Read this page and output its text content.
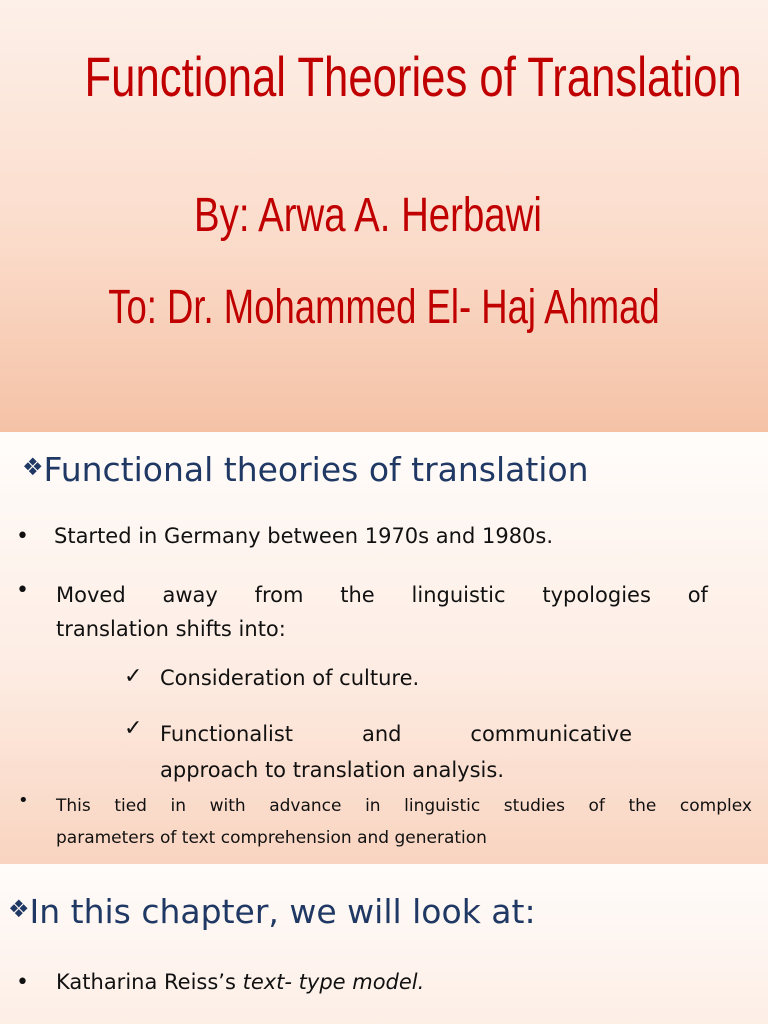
Functional Theories of Translation
By: Arwa A. Herbawi
To: Dr. Mohammed El- Haj Ahmad
❖Functional theories of translation
• Started in Germany between 1970s and 1980s.
• Moved away from the linguistic typologies of
translation shifts into:
✓ Consideration of culture.
✓ Functionalist	and	communicative
approach to translation analysis.
• This tied in with advance in linguistic studies of the complex
parameters of text comprehension and generation
❖In this chapter, we will look at:
• Katharina Reiss’s text- type model.
